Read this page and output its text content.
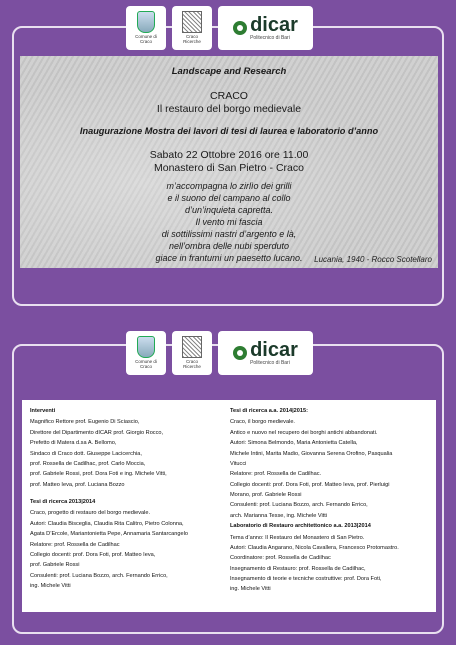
Comune di
Craco
Craco
Ricerche
dicar
Politecnico di Bari
Landscape and Research
CRACO
Il restauro del borgo medievale
Inaugurazione Mostra dei lavori di tesi di laurea e laboratorio d’anno
Sabato 22 Ottobre 2016 ore 11.00
Monastero di San Pietro - Craco
m’accompagna lo zirlìo dei grilli
e il suono del campano al collo
d’un’inquieta capretta.
Il vento mi fascia
di sottilissimi nastri d’argento e là,
nell’ombra delle nubi sperduto
giace in frantumi un paesetto lucano.	Lucania, 1940 - Rocco Scotellaro
Comune di
Craco
Craco
Ricerche
dicar
Politecnico di Bari
Interventi
Magnifico Rettore prof. Eugenio Di Sciascio,
Direttore del Dipartimento dICAR prof. Giorgio Rocco,
Prefetto di Matera d.sa A. Bellomo,
Sindaco di Craco dott. Giuseppe Lacicerchia,
prof. Rossella de Cadilhac, prof. Carlo Moccia,
prof. Gabriele Rossi, prof. Dora Foti e ing. Michele Vitti,
prof. Matteo Ieva, prof. Luciana Bozzo
Tesi di ricerca 2013|2014
Craco, progetto di restauro del borgo medievale.
Autori: Claudia Bisceglia, Claudia Rita Calitro, Pietro Colonna,
Agata D’Ercole, Mariantonietta Pepe, Annamaria Santarcangelo
Relatore: prof. Rossella de Cadilhac
Collegio docenti: prof. Dora Foti, prof. Matteo Ieva,
prof. Gabriele Rossi
Consulenti: prof. Luciana Bozzo, arch. Fernando Errico,
ing. Michele Vitti
Tesi di ricerca a.a. 2014|2015:
Craco, il borgo medievale.
Antico e nuovo nel recupero dei borghi antichi abbandonati.
Autori: Simona Belmondo, Maria Antonietta Catella,
Michele Intini, Marita Madio, Giovanna Serena Orofino, Pasqualia
Vitucci
Relatore: prof. Rossella de Cadilhac.
Collegio docenti: prof. Dora Foti, prof. Matteo Ieva, prof. Pierluigi
Morano, prof. Gabriele Rossi
Consulenti: prof. Luciana Bozzo, arch. Fernando Errico,
arch. Marianna Tesse, ing. Michele Vitti
Laboratorio di Restauro architettonico a.a. 2013|2014
Tema d’anno: Il Restauro del Monastero di San Pietro.
Autori: Claudia Angarano, Nicola Cavallera, Francesco Protomastro.
Coordinatore: prof. Rossella de Cadilhac
Insegnamento di Restauro: prof. Rossella de Cadilhac,
Insegnamento di teorie e tecniche costruttive: prof. Dora Foti,
ing. Michele Vitti
